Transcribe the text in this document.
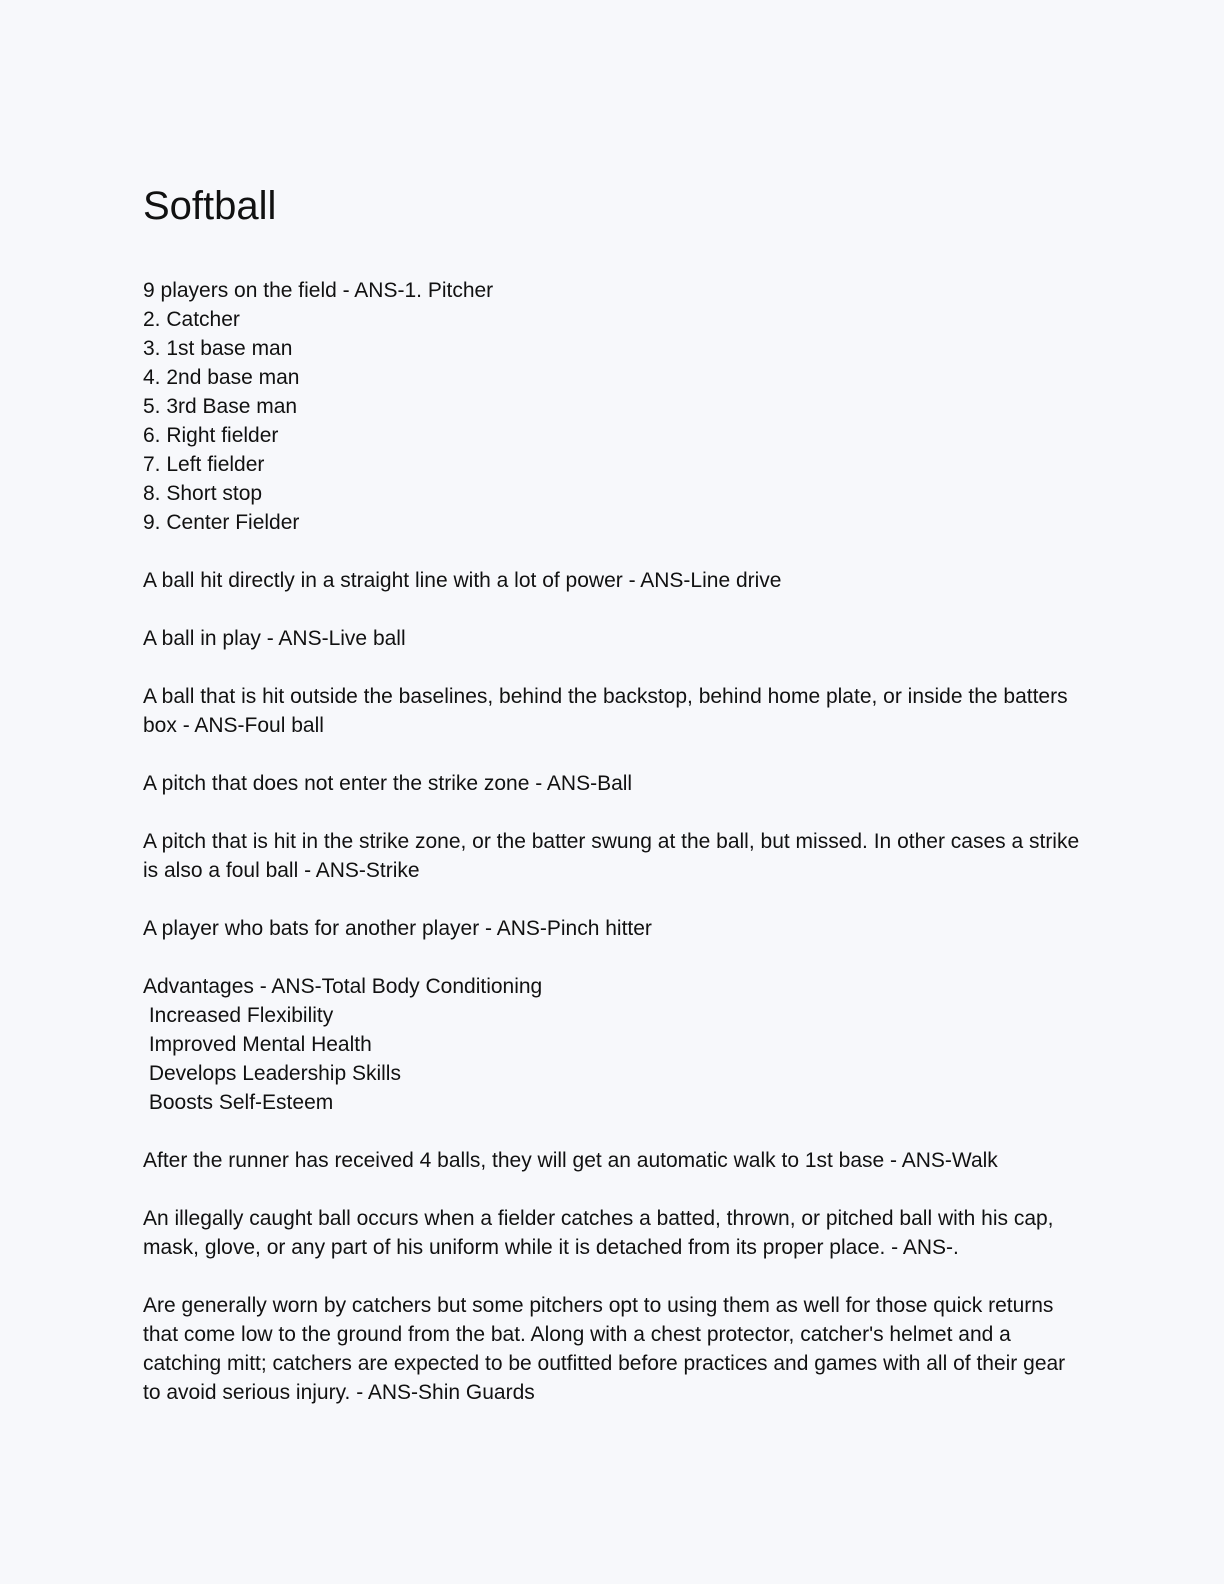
Softball
9 players on the field - ANS-1. Pitcher
2. Catcher
3. 1st base man
4. 2nd base man
5. 3rd Base man
6. Right fielder
7. Left fielder
8. Short stop
9. Center Fielder
A ball hit directly in a straight line with a lot of power - ANS-Line drive
A ball in play - ANS-Live ball
A ball that is hit outside the baselines, behind the backstop, behind home plate, or inside the batters box - ANS-Foul ball
A pitch that does not enter the strike zone - ANS-Ball
A pitch that is hit in the strike zone, or the batter swung at the ball, but missed. In other cases a strike is also a foul ball - ANS-Strike
A player who bats for another player - ANS-Pinch hitter
Advantages - ANS-Total Body Conditioning
Increased Flexibility
Improved Mental Health
Develops Leadership Skills
Boosts Self-Esteem
After the runner has received 4 balls, they will get an automatic walk to 1st base - ANS-Walk
An illegally caught ball occurs when a fielder catches a batted, thrown, or pitched ball with his cap, mask, glove, or any part of his uniform while it is detached from its proper place. - ANS-.
Are generally worn by catchers but some pitchers opt to using them as well for those quick returns that come low to the ground from the bat. Along with a chest protector, catcher's helmet and a catching mitt; catchers are expected to be outfitted before practices and games with all of their gear to avoid serious injury. - ANS-Shin Guards
